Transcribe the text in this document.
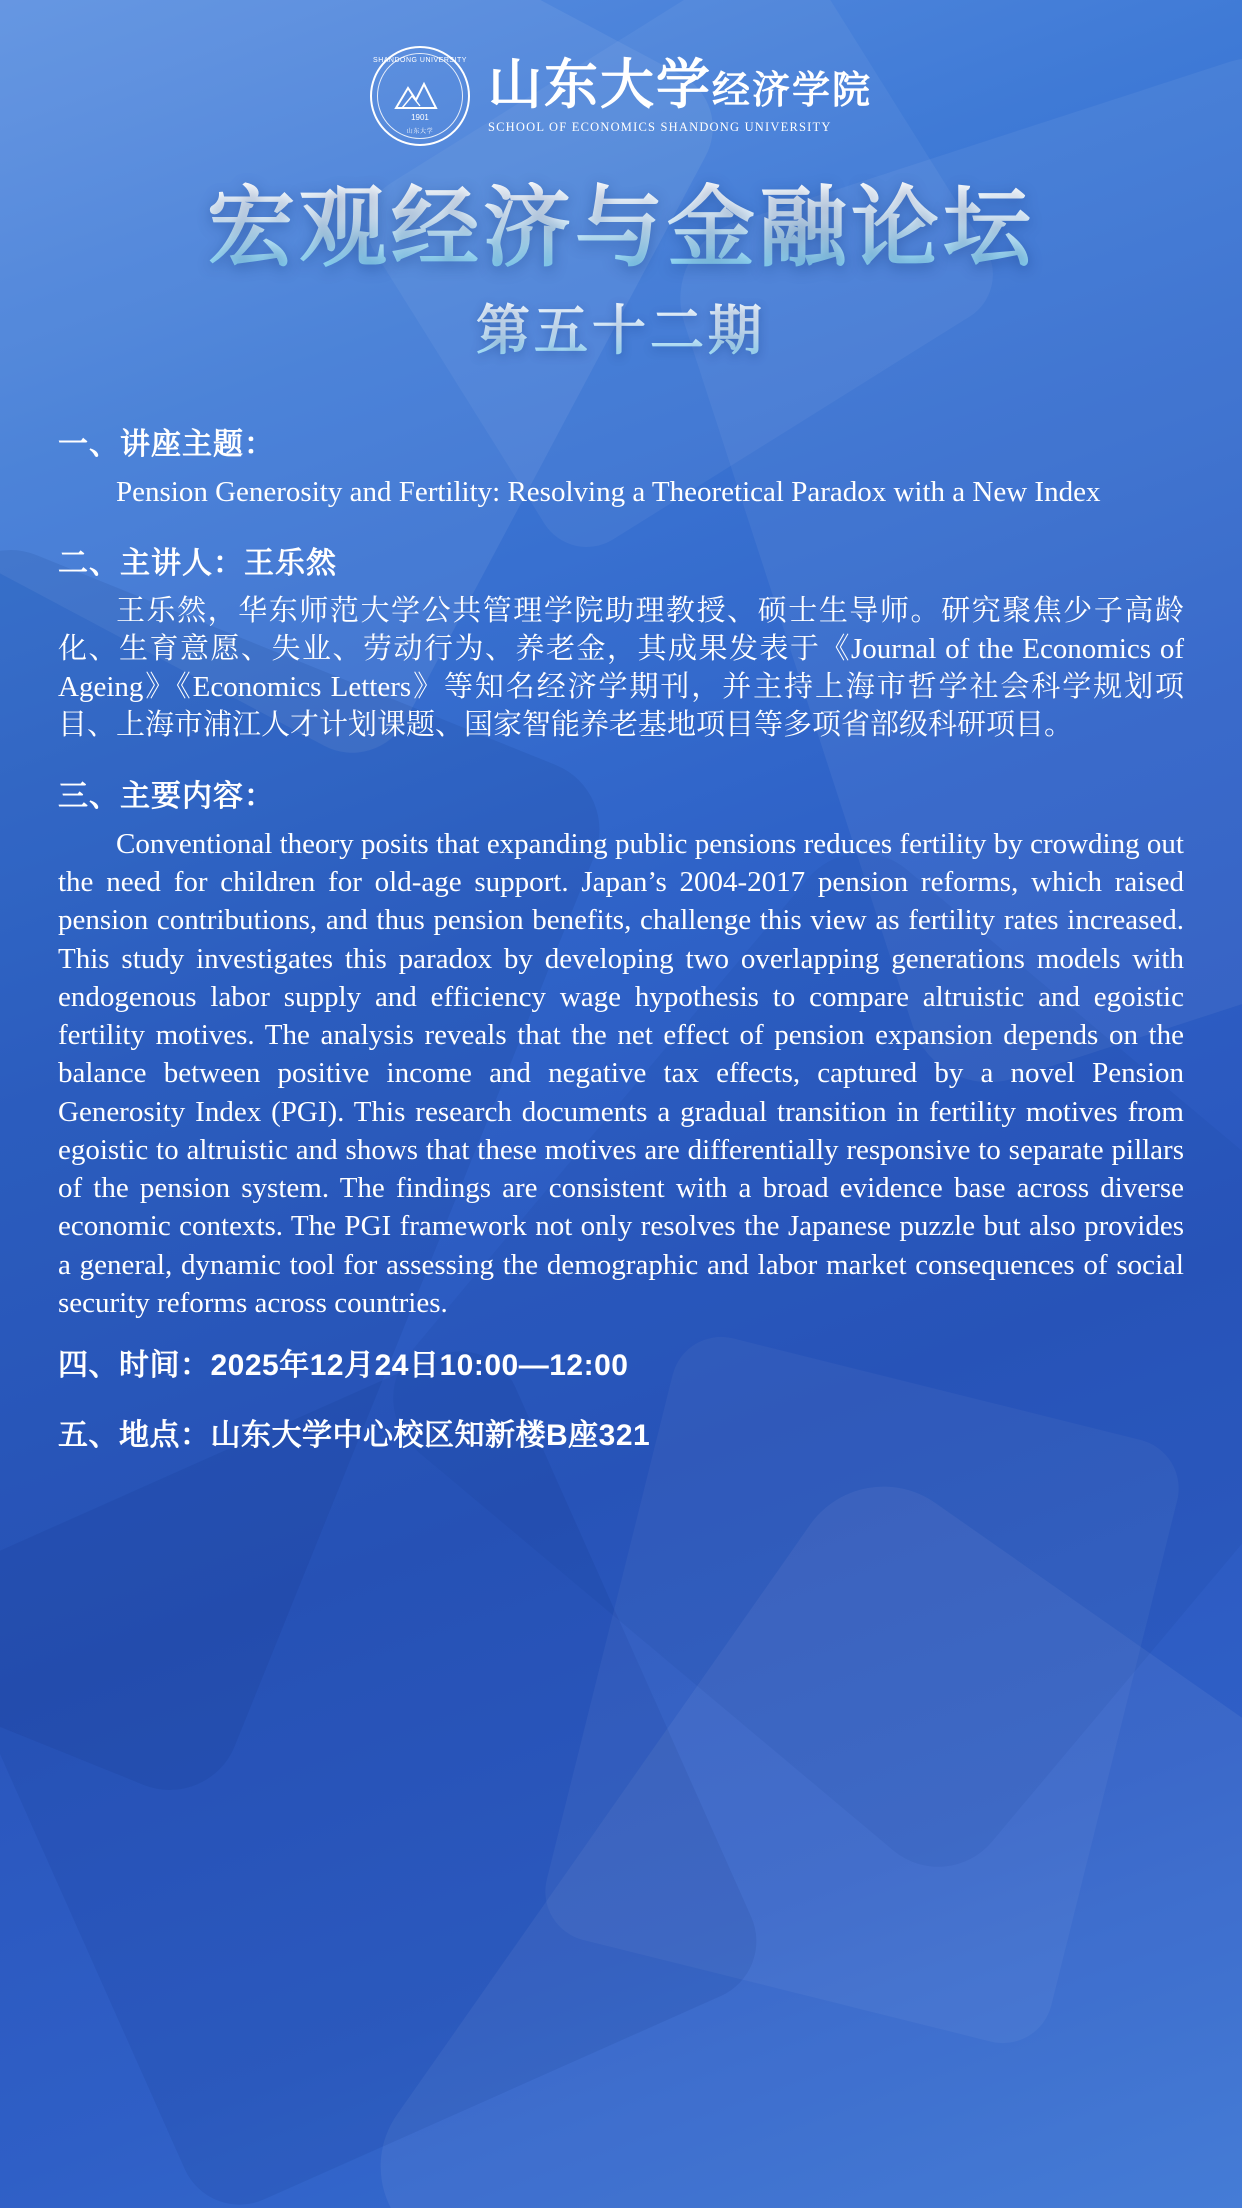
SHANDONG UNIVERSITY
1901
山东大学
山东大学经济学院
SCHOOL OF ECONOMICS SHANDONG UNIVERSITY
宏观经济与金融论坛
第五十二期
一、讲座主题：

Pension Generosity and Fertility: Resolving a Theoretical Paradox with a New Index

二、主讲人：王乐然

王乐然，华东师范大学公共管理学院助理教授、硕士生导师。研究聚焦少子高龄化、生育意愿、失业、劳动行为、养老金，其成果发表于《Journal of the Economics of Ageing》《Economics Letters》等知名经济学期刊，并主持上海市哲学社会科学规划项目、上海市浦江人才计划课题、国家智能养老基地项目等多项省部级科研项目。

三、主要内容：

Conventional theory posits that expanding public pensions reduces fertility by crowding out the need for children for old-age support. Japan’s 2004-2017 pension reforms, which raised pension contributions, and thus pension benefits, challenge this view as fertility rates increased. This study investigates this paradox by developing two overlapping generations models with endogenous labor supply and efficiency wage hypothesis to compare altruistic and egoistic fertility motives. The analysis reveals that the net effect of pension expansion depends on the balance between positive income and negative tax effects, captured by a novel Pension Generosity Index (PGI). This research documents a gradual transition in fertility motives from egoistic to altruistic and shows that these motives are differentially responsive to separate pillars of the pension system. The findings are consistent with a broad evidence base across diverse economic contexts. The PGI framework not only resolves the Japanese puzzle but also provides a general, dynamic tool for assessing the demographic and labor market consequences of social security reforms across countries.

四、时间：2025年12月24日10:00—12:00
五、地点：山东大学中心校区知新楼B座321
